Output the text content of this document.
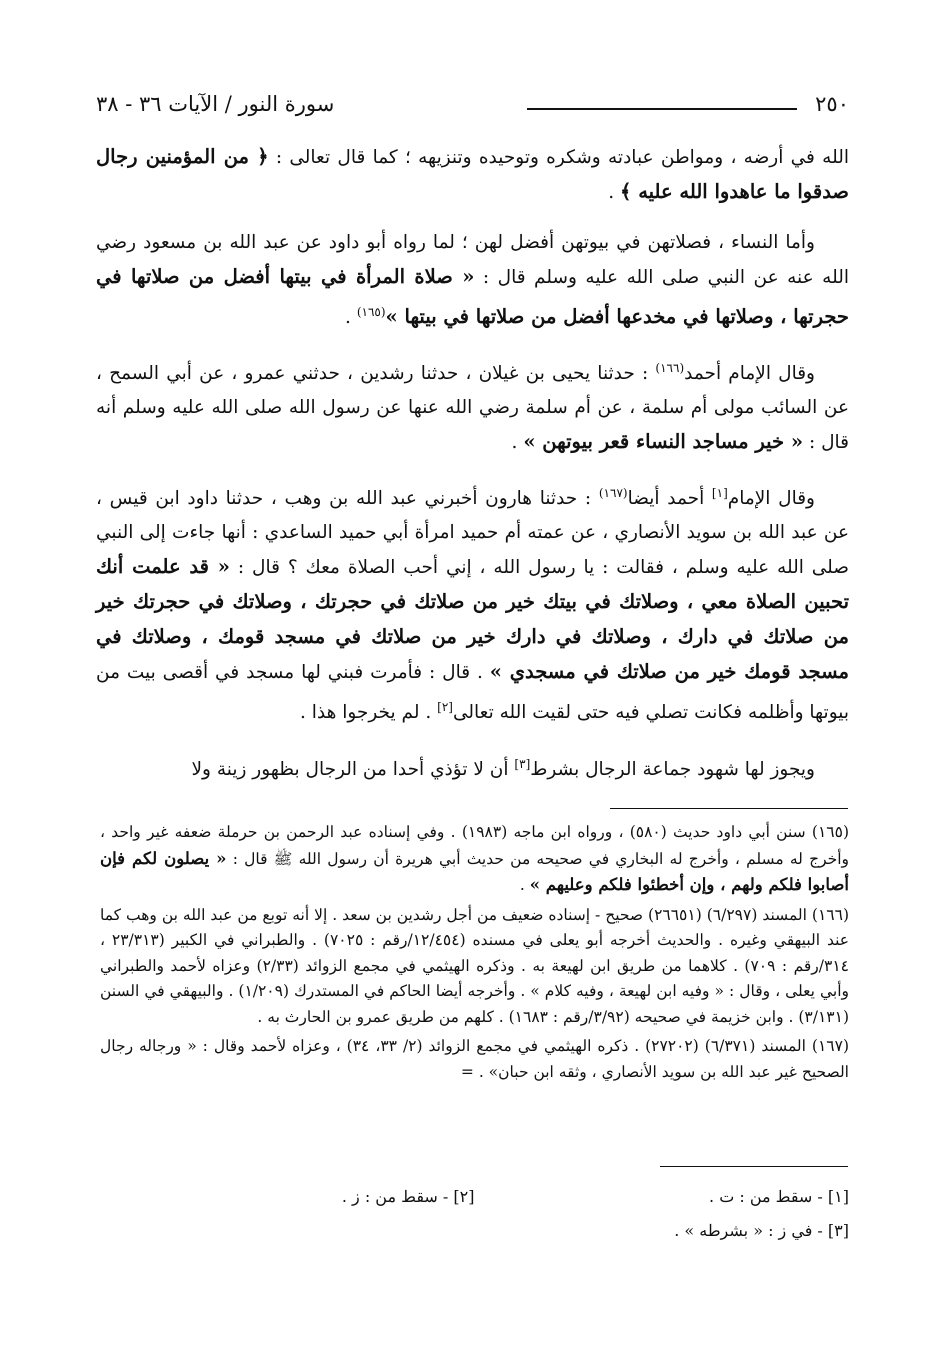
٢٥٠
سورة النور / الآيات ٣٦ - ٣٨

الله في أرضه ، ومواطن عبادته وشكره وتوحيده وتنزيهه ؛ كما قال تعالى : ﴿ من المؤمنين رجال صدقوا ما عاهدوا الله عليه ﴾ .

وأما النساء ، فصلاتهن في بيوتهن أفضل لهن ؛ لما رواه أبو داود عن عبد الله بن مسعود رضي الله عنه عن النبي صلى الله عليه وسلم قال : « صلاة المرأة في بيتها أفضل من صلاتها في حجرتها ، وصلاتها في مخدعها أفضل من صلاتها في بيتها »$^{(١٦٥)}$ .

وقال الإمام أحمد$^{(١٦٦)}$ : حدثنا يحيى بن غيلان ، حدثنا رشدين ، حدثني عمرو ، عن أبي السمح ، عن السائب مولى أم سلمة ، عن أم سلمة رضي الله عنها عن رسول الله صلى الله عليه وسلم أنه قال : « خير مساجد النساء قعر بيوتهن » .

وقال الإمام[١] أحمد أيضا$^{(١٦٧)}$ : حدثنا هارون أخبرني عبد الله بن وهب ، حدثنا داود ابن قيس ، عن عبد الله بن سويد الأنصاري ، عن عمته أم حميد امرأة أبي حميد الساعدي : أنها جاءت إلى النبي صلى الله عليه وسلم ، فقالت : يا رسول الله ، إني أحب الصلاة معك ؟ قال : « قد علمت أنك تحبين الصلاة معي ، وصلاتك في بيتك خير من صلاتك في حجرتك ، وصلاتك في حجرتك خير من صلاتك في دارك ، وصلاتك في دارك خير من صلاتك في مسجد قومك ، وصلاتك في مسجد قومك خير من صلاتك في مسجدي » . قال : فأمرت فبني لها مسجد في أقصى بيت من بيوتها وأظلمه فكانت تصلي فيه حتى لقيت الله تعالى[٢] . لم يخرجوا هذا .

ويجوز لها شهود جماعة الرجال بشرط[٣] أن لا تؤذي أحدا من الرجال بظهور زينة ولا

(١٦٥) سنن أبي داود حديث (٥٨٠) ، ورواه ابن ماجه (١٩٨٣) . وفي إسناده عبد الرحمن بن حرملة ضعفه غير واحد ، وأخرج له مسلم ، وأخرج له البخاري في صحيحه من حديث أبي هريرة أن رسول الله ﷺ قال : « يصلون لكم فإن أصابوا فلكم ولهم ، وإن أخطئوا فلكم وعليهم » .

(١٦٦) المسند (٦/٢٩٧) (٢٦٦٥١) صحيح - إسناده ضعيف من أجل رشدين بن سعد . إلا أنه توبع من عبد الله بن وهب كما عند البيهقي وغيره . والحديث أخرجه أبو يعلى في مسنده (١٢/٤٥٤/رقم : ٧٠٢٥) . والطبراني في الكبير (٢٣/٣١٣ ، ٣١٤/رقم : ٧٠٩) . كلاهما من طريق ابن لهيعة به . وذكره الهيثمي في مجمع الزوائد (٢/٣٣) وعزاه لأحمد والطبراني وأبي يعلى ، وقال : « وفيه ابن لهيعة ، وفيه كلام » . وأخرجه أيضا الحاكم في المستدرك (١/٢٠٩) . والبيهقي في السنن (٣/١٣١) . وابن خزيمة في صحيحه (٣/٩٢/رقم : ١٦٨٣) . كلهم من طريق عمرو بن الحارث به .

(١٦٧) المسند (٦/٣٧١) (٢٧٢٠٢) . ذكره الهيثمي في مجمع الزوائد (٢/ ٣٣، ٣٤) ، وعزاه لأحمد وقال : « ورجاله رجال الصحيح غير عبد الله بن سويد الأنصاري ، وثقه ابن حبان» . =

[١] - سقط من : ت .
[٢] - سقط من : ز .
[٣] - في ز : « بشرطه » .
